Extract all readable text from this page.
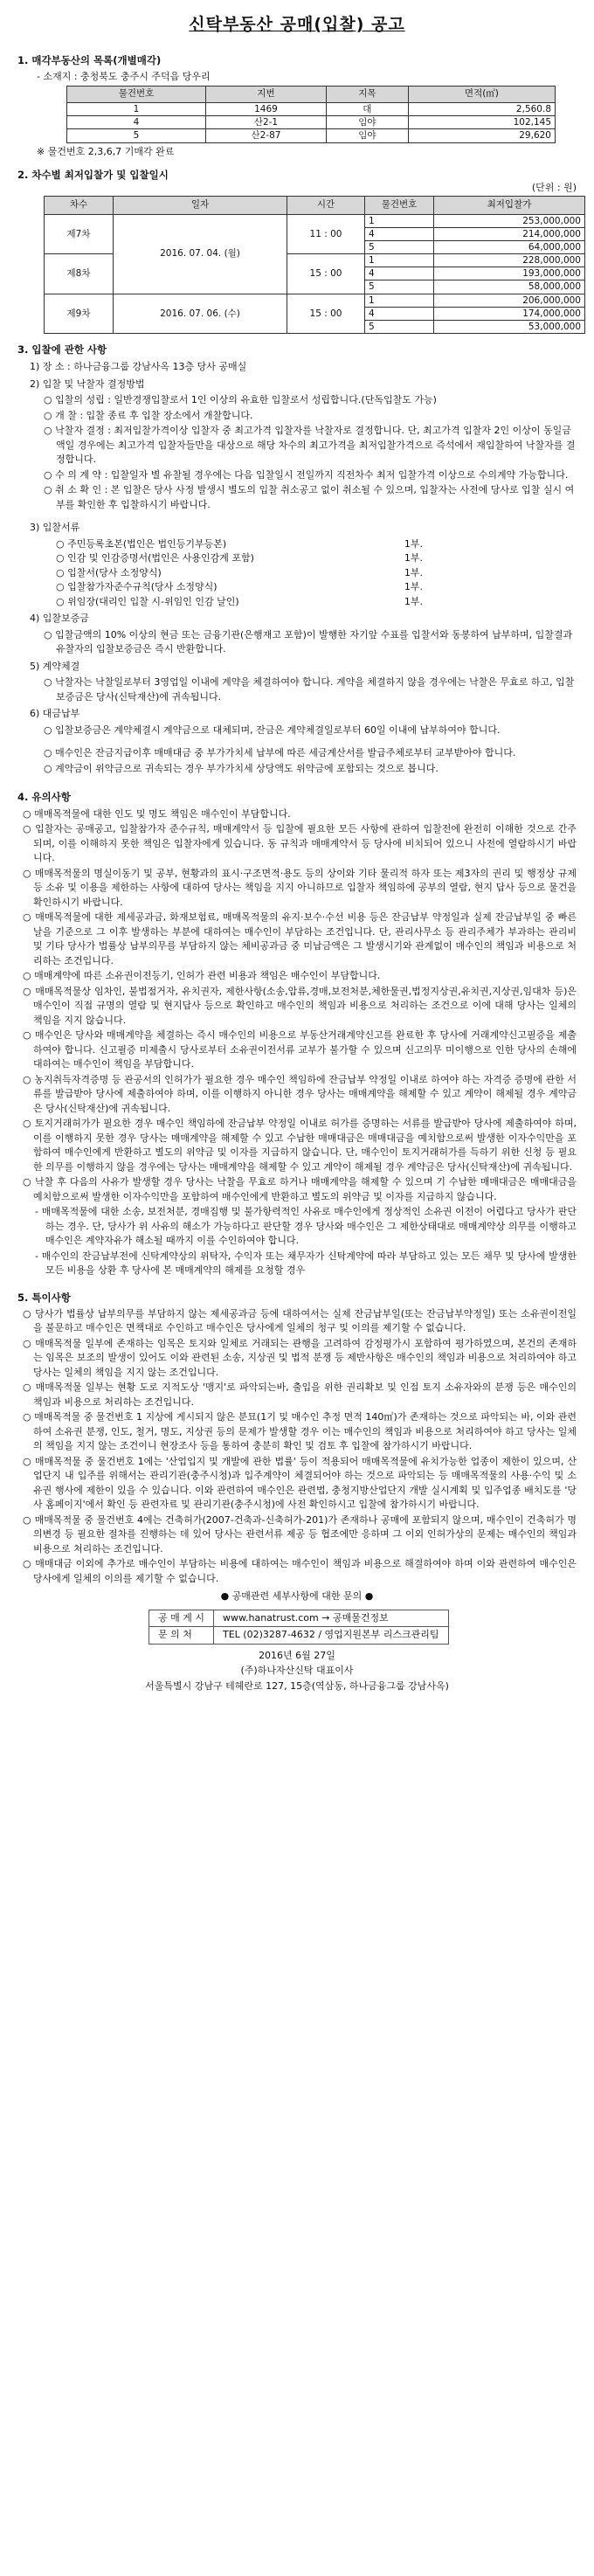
신탁부동산 공매(입찰) 공고
1. 매각부동산의 목록(개별매각)
- 소재지 : 충청북도 충주시 주덕읍 당우리
물건번호	지번	지목	면적(㎡)
1	1469	대	2,560.8
4	산2-1	임야	102,145
5	산2-87	임야	29,620
※ 물건번호 2,3,6,7 기매각 완료
2. 차수별 최저입찰가 및 입찰일시
(단위 : 원)
차수	일자	시간	물건번호	최저입찰가
제7차	2016. 07. 04. (월)	11 : 00	1	253,000,000
			4	214,000,000
			5	64,000,000
제8차		15 : 00	1	228,000,000
			4	193,000,000
			5	58,000,000
제9차	2016. 07. 06. (수)	15 : 00	1	206,000,000
			4	174,000,000
			5	53,000,000
3. 입찰에 관한 사항
1) 장 소 : 하나금융그룹 강남사옥 13층 당사 공매실
2) 입찰 및 낙찰자 결정방법

○ 입찰의 성립 : 일반경쟁입찰로서 1인 이상의 유효한 입찰로서 성립합니다.(단독입찰도 가능)

○ 개 찰 : 입찰 종료 후 입찰 장소에서 개찰합니다.

○ 낙찰자 결정 : 최저입찰가격이상 입찰자 중 최고가격 입찰자를 낙찰자로 결정합니다. 단, 최고가격 입찰자 2인 이상이 동일금액일 경우에는 최고가격 입찰자들만을 대상으로 해당 차수의 최고가격을 최저입찰가격으로 즉석에서 재입찰하여 낙찰자를 결정합니다.

○ 수 의 계 약 : 입찰일자 별 유찰될 경우에는 다음 입찰일시 전일까지 직전차수 최저 입찰가격 이상으로 수의계약 가능합니다.

○ 취 소 확 인 : 본 입찰은 당사 사정 발생시 별도의 입찰 취소공고 없이 취소될 수 있으며, 입찰자는 사전에 당사로 입찰 실시 여부를 확인한 후 입찰하시기 바랍니다.

3) 입찰서류
○ 주민등록초본(법인은 법인등기부등본)	1부.
○ 인감 및 인감증명서(법인은 사용인감계 포함)	1부.
○ 입찰서(당사 소정양식)	1부.
○ 입찰참가자준수규칙(당사 소정양식)	1부.
○ 위임장(대리인 입찰 시-위임인 인감 날인)	1부.
4) 입찰보증금

○ 입찰금액의 10% 이상의 현금 또는 금융기관(은행재고 포함)이 발행한 자기앞 수표를 입찰서와 동봉하여 납부하며, 입찰결과 유찰자의 입찰보증금은 즉시 반환합니다.

5) 계약체결

○ 낙찰자는 낙찰일로부터 3영업일 이내에 계약을 체결하여야 합니다. 계약을 체결하지 않을 경우에는 낙찰은 무효로 하고, 입찰보증금은 당사(신탁재산)에 귀속됩니다.

6) 대금납부

○ 입찰보증금은 계약체결시 계약금으로 대체되며, 잔금은 계약체결일로부터 60일 이내에 납부하여야 합니다.

○ 매수인은 잔금지급이후 매매대금 중 부가가치세 납부에 따른 세금계산서를 발급주체로부터 교부받아야 합니다.

○ 계약금이 위약금으로 귀속되는 경우 부가가치세 상당액도 위약금에 포함되는 것으로 봅니다.

4. 유의사항

○ 매매목적물에 대한 인도 및 명도 책임은 매수인이 부담합니다.

○ 입찰자는 공매공고, 입찰참가자 준수규칙, 매매계약서 등 입찰에 필요한 모든 사항에 관하여 입찰전에 완전히 이해한 것으로 간주되며, 이를 이해하지 못한 책임은 입찰자에게 있습니다. 동 규칙과 매매계약서 등 당사에 비치되어 있으니 사전에 열람하시기 바랍니다.

○ 매매목적물의 명실이동기 및 공부, 현황과의 표시·구조면적·용도 등의 상이와 기타 물리적 하자 또는 제3자의 권리 및 행정상 규제 등 소유 및 이용을 제한하는 사항에 대하여 당사는 책임을 지지 아니하므로 입찰자 책임하에 공부의 열람, 현지 답사 등으로 물건을 확인하시기 바랍니다.

○ 매매목적물에 대한 제세공과금, 화재보험료, 매매목적물의 유지·보수·수선 비용 등은 잔금납부 약정일과 실제 잔금납부일 중 빠른 날을 기준으로 그 이후 발생하는 부분에 대하여는 매수인이 부담하는 조건입니다. 단, 관리사무소 등 관리주체가 부과하는 관리비 및 기타 당사가 법률상 납부의무를 부담하지 않는 체비공과금 중 미납금액은 그 발생시기와 관계없이 매수인의 책임과 비용으로 처리하는 조건입니다.

○ 매매계약에 따른 소유권이전등기, 인허가 관련 비용과 책임은 매수인이 부담합니다.

○ 매매목적물상 임차인, 불법점거자, 유치권자, 제한사항(소송,압류,경매,보전처분,체한물권,법정지상권,유치권,지상권,임대차 등)은 매수인이 직접 규명의 열람 및 현지답사 등으로 확인하고 매수인의 책임과 비용으로 처리하는 조건으로 이에 대해 당사는 일체의 책임을 지지 않습니다.

○ 매수인은 당사와 매매계약을 체결하는 즉시 매수인의 비용으로 부동산거래계약신고를 완료한 후 당사에 거래계약신고필증을 제출하여야 합니다. 신고필증 미제출시 당사로부터 소유권이전서류 교부가 불가할 수 있으며 신고의무 미이행으로 인한 당사의 손해에 대하여는 매수인이 책임을 부담합니다.

○ 농지취득자격증명 등 관공서의 인허가가 필요한 경우 매수인 책임하에 잔금납부 약정일 이내로 하여야 하는 자격증 증명에 관한 서류를 발급받아 당사에 제출하여야 하며, 이를 이행하지 아니한 경우 당사는 매매계약을 해제할 수 있고 계약이 해제될 경우 계약금은 당사(신탁재산)에 귀속됩니다.

○ 토지거래허가가 필요한 경우 매수인 책임하에 잔금납부 약정일 이내로 허가를 증명하는 서류를 발급받아 당사에 제출하여야 하며, 이를 이행하지 못한 경우 당사는 매매계약을 해제할 수 있고 수납한 매매대금은 매매대금을 예치함으로써 발생한 이자수익만을 포함하여 매수인에게 반환하고 별도의 위약금 및 이자를 지급하지 않습니다. 단, 매수인이 토지거래허가를 득하기 위한 신청 등 필요한 의무를 이행하지 않을 경우에는 당사는 매매계약을 해제할 수 있고 계약이 해제될 경우 계약금은 당사(신탁재산)에 귀속됩니다.

○ 낙찰 후 다음의 사유가 발생할 경우 당사는 낙찰을 무효로 하거나 매매계약을 해제할 수 있으며 기 수납한 매매대금은 매매대금을 예치함으로써 발생한 이자수익만을 포함하여 매수인에게 반환하고 별도의 위약금 및 이자를 지급하지 않습니다.

- 매매목적물에 대한 소송, 보전처분, 경매집행 및 불가항력적인 사유로 매수인에게 정상적인 소유권 이전이 어렵다고 당사가 판단하는 경우. 단, 당사가 위 사유의 해소가 가능하다고 판단할 경우 당사와 매수인은 그 제한상태대로 매매계약상 의무를 이행하고 매수인은 계약자유가 해소될 때까지 이를 수인하여야 합니다.

- 매수인의 잔금납부전에 신탁계약상의 위탁자, 수익자 또는 채무자가 신탁계약에 따라 부담하고 있는 모든 채무 및 당사에 발생한 모든 비용을 상환 후 당사에 본 매매계약의 해제를 요청할 경우

5. 특이사항

○ 당사가 법률상 납부의무를 부담하지 않는 제세공과금 등에 대하여서는 실제 잔금납부일(또는 잔금납부약정일) 또는 소유권이전일을 불문하고 매수인은 면책대로 수인하고 매수인은 당사에게 일체의 청구 및 이의를 제기할 수 없습니다.

○ 매매목적물 일부에 존재하는 임목은 토지와 일체로 거래되는 관행을 고려하여 감정평가시 포함하여 평가하였으며, 본건의 존재하는 임목은 보조의 발생이 있어도 이와 관련된 소송, 지상권 및 법적 분쟁 등 제반사항은 매수인의 책임과 비용으로 처리하여야 하고 당사는 일체의 책임을 지지 않는 조건입니다.

○ 매매목적물 일부는 현황 도로 지적도상 '맹지'로 파악되는바, 출입을 위한 권리확보 및 인접 토지 소유자와의 분쟁 등은 매수인의 책임과 비용으로 처리하는 조건입니다.

○ 매매목적물 중 물건번호 1 지상에 게시되지 않은 분묘(1기 및 매수인 추정 면적 140㎡)가 존재하는 것으로 파악되는 바, 이와 관련하여 소유권 분쟁, 인도, 철거, 명도, 지상권 등의 문제가 발생할 경우 이는 매수인의 책임과 비용으로 처리하여야 하고 당사는 일체의 책임을 지지 않는 조건이니 현장조사 등을 통하여 충분히 확인 및 검토 후 입찰에 참가하시기 바랍니다.

○ 매매목적물 중 물건번호 1에는 '산업입지 및 개발에 관한 법률' 등이 적용되어 매매목적물에 유치가능한 업종이 제한이 있으며, 산업단지 내 입주를 위해서는 관리기관(충주시청)과 입주계약이 체결되어야 하는 것으로 파악되는 등 매매목적물의 사용·수익 및 소유권 행사에 제한이 있을 수 있습니다. 이와 관련하여 매수인은 관련법, 충청지방산업단지 개발 실시계획 및 입주업종 배치도를 '당사 홈페이지'에서 확인 등 관련자료 및 관리기관(충주시청)에 사전 확인하시고 입찰에 참가하시기 바랍니다.

○ 매매목적물 중 물건번호 4에는 건축허가(2007-건축과-신축허가-201)가 존재하나 공매에 포함되지 않으며, 매수인이 건축허가 명의변경 등 필요한 절차를 진행하는 데 있어 당사는 관련서류 제공 등 협조에만 응하며 그 이외 인허가상의 문제는 매수인의 책임과 비용으로 처리하는 조건입니다.

○ 매매대금 이외에 추가로 매수인이 부담하는 비용에 대하여는 매수인이 책임과 비용으로 해결하여야 하며 이와 관련하여 매수인은 당사에게 일체의 이의를 제기할 수 없습니다.

● 공매관련 세부사항에 대한 문의 ●
공 매 게 시	www.hanatrust.com → 공매물건정보
문 의 처	TEL (02)3287-4632 / 영업지원본부 리스크관리팀
2016년 6월 27일
(주)하나자산신탁 대표이사
서울특별시 강남구 테헤란로 127, 15층(역삼동, 하나금융그룹 강남사옥)
